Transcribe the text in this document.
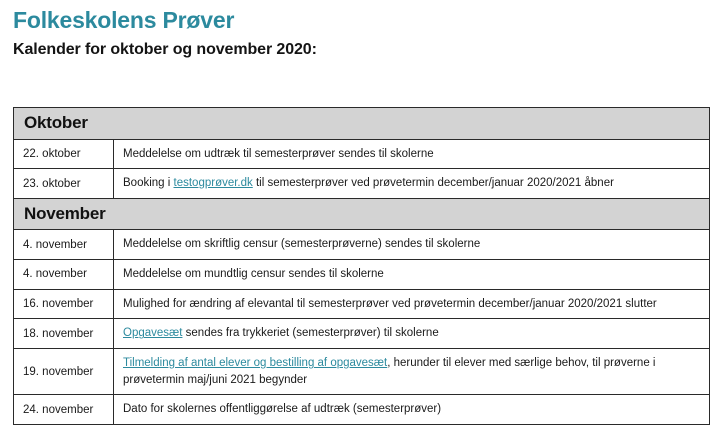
Folkeskolens Prøver
Kalender for oktober og november 2020:
Oktober	
22. oktober	Meddelelse om udtræk til semesterprøver sendes til skolerne
23. oktober	Booking i testogprøver.dk til semesterprøver ved prøvetermin december/januar 2020/2021 åbner
November	
4. november	Meddelelse om skriftlig censur (semesterprøverne) sendes til skolerne
4. november	Meddelelse om mundtlig censur sendes til skolerne
16. november	Mulighed for ændring af elevantal til semesterprøver ved prøvetermin december/januar 2020/2021 slutter
18. november	Opgavesæt sendes fra trykkeriet (semesterprøver) til skolerne
19. november	Tilmelding af antal elever og bestilling af opgavesæt, herunder til elever med særlige behov, til prøverne i prøvetermin maj/juni 2021 begynder
24. november	Dato for skolernes offentliggørelse af udtræk (semesterprøver)
